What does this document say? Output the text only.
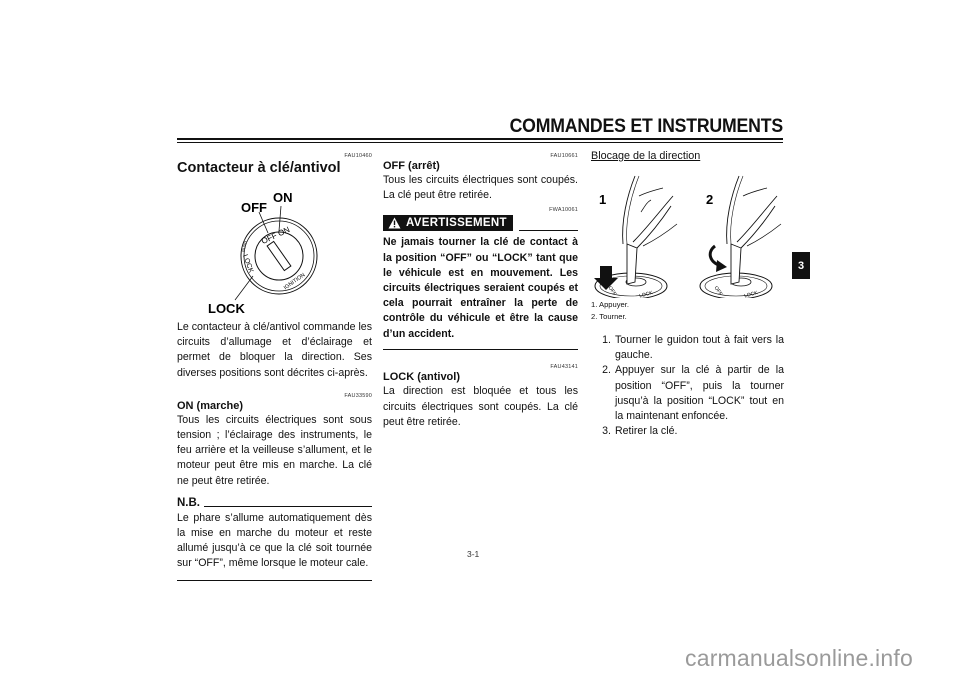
COMMANDES ET INSTRUMENTS
FAU10460
Contacteur à clé/antivol
OFF ON
LOCK
IGNITION
PUSH
ON
OFF
LOCK
Le contacteur à clé/antivol commande les circuits d’allumage et d’éclairage et permet de bloquer la direction. Ses diverses positions sont décrites ci-après.
FAU33590
ON (marche)
Tous les circuits électriques sont sous tension ; l’éclairage des instruments, le feu arrière et la veilleuse s’allument, et le moteur peut être mis en marche. La clé ne peut être retirée.
N.B.
Le phare s’allume automatiquement dès la mise en marche du moteur et reste allumé jusqu’à ce que la clé soit tournée sur “OFF”, même lorsque le moteur cale.
FAU10661
OFF (arrêt)
Tous les circuits électriques sont coupés. La clé peut être retirée.
FWA10061
AVERTISSEMENT
Ne jamais tourner la clé de contact à la position “OFF” ou “LOCK” tant que le véhicule est en mouvement. Les circuits électriques seraient coupés et cela pourrait entraîner la perte de contrôle du véhicule et être la cause d’un accident.
FAU43141
LOCK (antivol)
La direction est bloquée et tous les circuits électriques sont coupés. La clé peut être retirée.
Blocage de la direction
1
OFF	LOCK
2
OFF	LOCK
1. Appuyer.
2. Tourner.
1. Tourner le guidon tout à fait vers la gauche.
2. Appuyer sur la clé à partir de la position “OFF”, puis la tourner jusqu’à la position “LOCK” tout en la maintenant enfoncée.
3. Retirer la clé.
3
3-1
carmanualsonline.info
